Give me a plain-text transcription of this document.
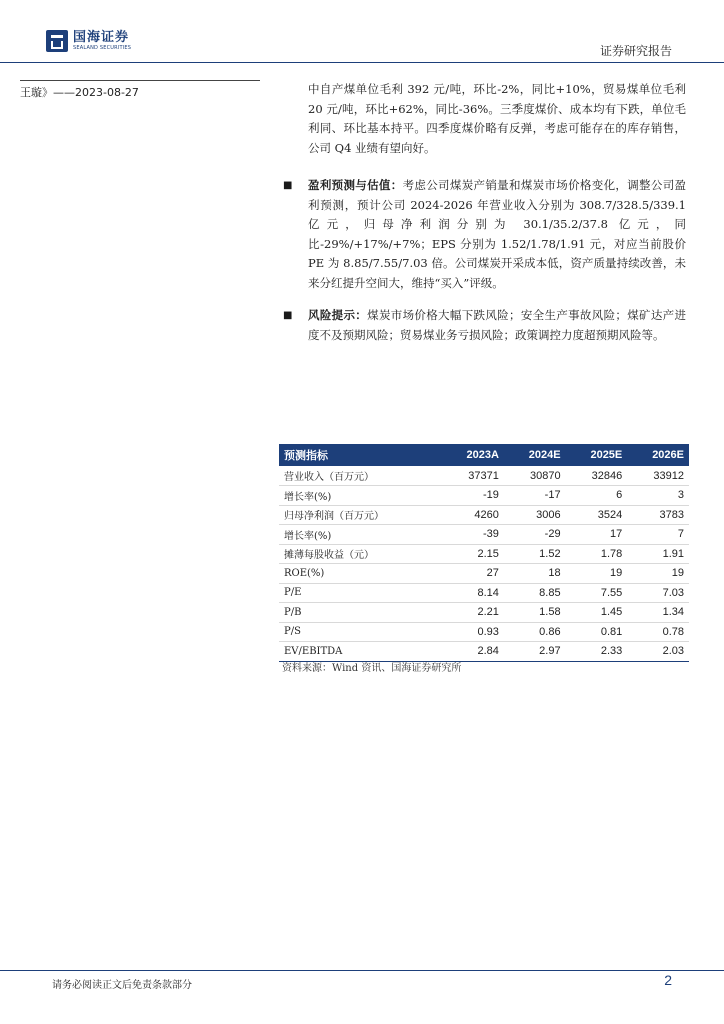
国海证券
SEALAND SECURITIES	证券研究报告
王璇》——2023-08-27	中自产煤单位毛利 392 元/吨，环比-2%，同比+10%，贸易煤单位毛利 20 元/吨，环比+62%，同比-36%。三季度煤价、成本均有下跌，单位毛利同、环比基本持平。四季度煤价略有反弹，考虑可能存在的库存销售，公司 Q4 业绩有望向好。
■ 盈利预测与估值：考虑公司煤炭产销量和煤炭市场价格变化，调整公司盈利预测，预计公司 2024-2026 年营业收入分别为 308.7/328.5/339.1 亿元，归母净利润分别为 30.1/35.2/37.8 亿元，同比-29%/+17%/+7%；EPS 分别为 1.52/1.78/1.91 元，对应当前股价 PE 为 8.85/7.55/7.03 倍。公司煤炭开采成本低，资产质量持续改善，未来分红提升空间大，维持“买入”评级。
■ 风险提示：煤炭市场价格大幅下跌风险；安全生产事故风险；煤矿达产进度不及预期风险；贸易煤业务亏损风险；政策调控力度超预期风险等。
预测指标	2023A	2024E	2025E	2026E
营业收入（百万元）	37371	30870	32846	33912
增长率(%)	-19	-17	6	3
归母净利润（百万元）	4260	3006	3524	3783
增长率(%)	-39	-29	17	7
摊薄每股收益（元）	2.15	1.52	1.78	1.91
ROE(%)	27	18	19	19
P/E	8.14	8.85	7.55	7.03
P/B	2.21	1.58	1.45	1.34
P/S	0.93	0.86	0.81	0.78
EV/EBITDA	2.84	2.97	2.33	2.03
资料来源：Wind 资讯、国海证券研究所
请务必阅读正文后免责条款部分	2
